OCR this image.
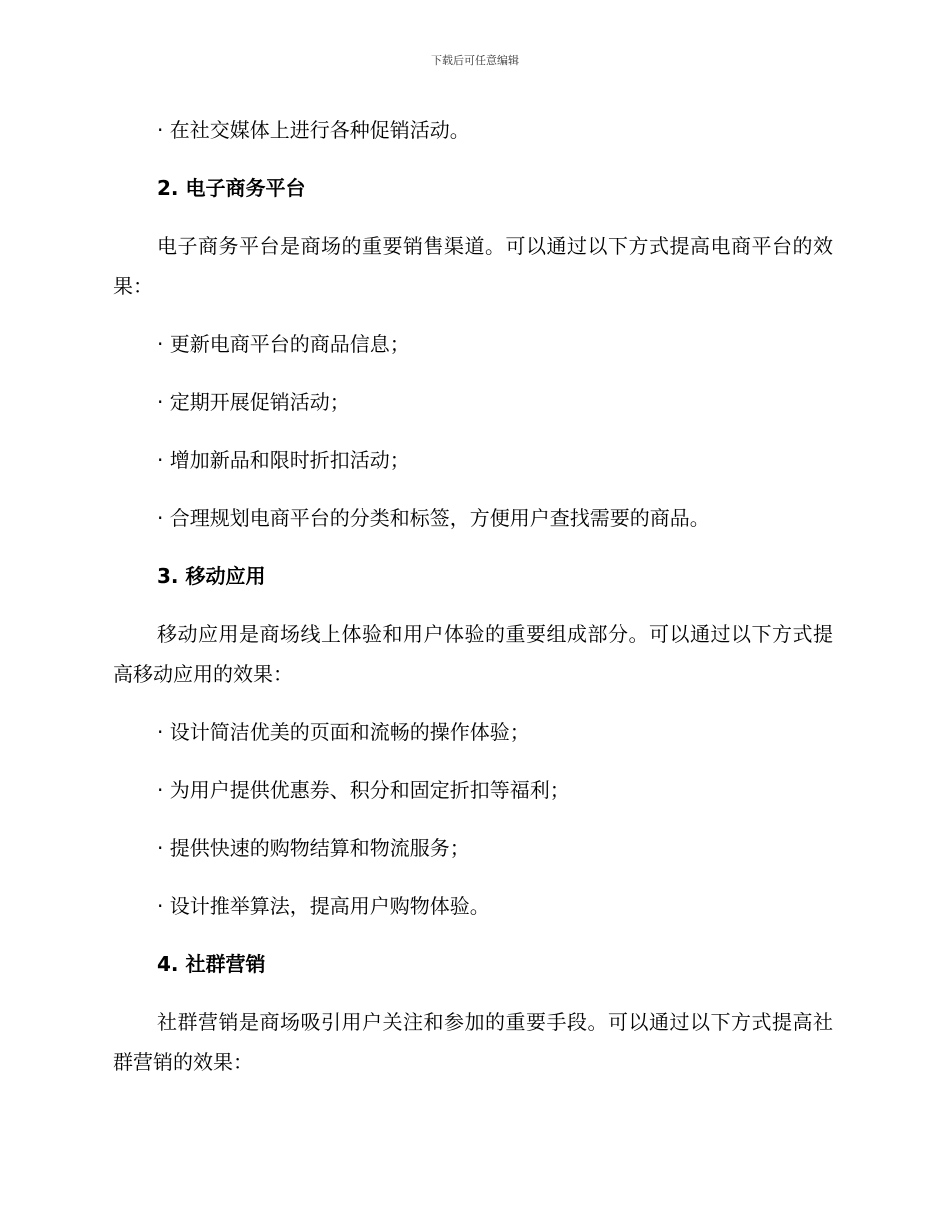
下载后可任意编辑
· 在社交媒体上进行各种促销活动。
2. 电子商务平台
电子商务平台是商场的重要销售渠道。可以通过以下方式提高电商平台的效果：
· 更新电商平台的商品信息；
· 定期开展促销活动；
· 增加新品和限时折扣活动；
· 合理规划电商平台的分类和标签，方便用户查找需要的商品。
3. 移动应用
移动应用是商场线上体验和用户体验的重要组成部分。可以通过以下方式提高移动应用的效果：
· 设计简洁优美的页面和流畅的操作体验；
· 为用户提供优惠券、积分和固定折扣等福利；
· 提供快速的购物结算和物流服务；
· 设计推举算法，提高用户购物体验。
4. 社群营销
社群营销是商场吸引用户关注和参加的重要手段。可以通过以下方式提高社群营销的效果：
